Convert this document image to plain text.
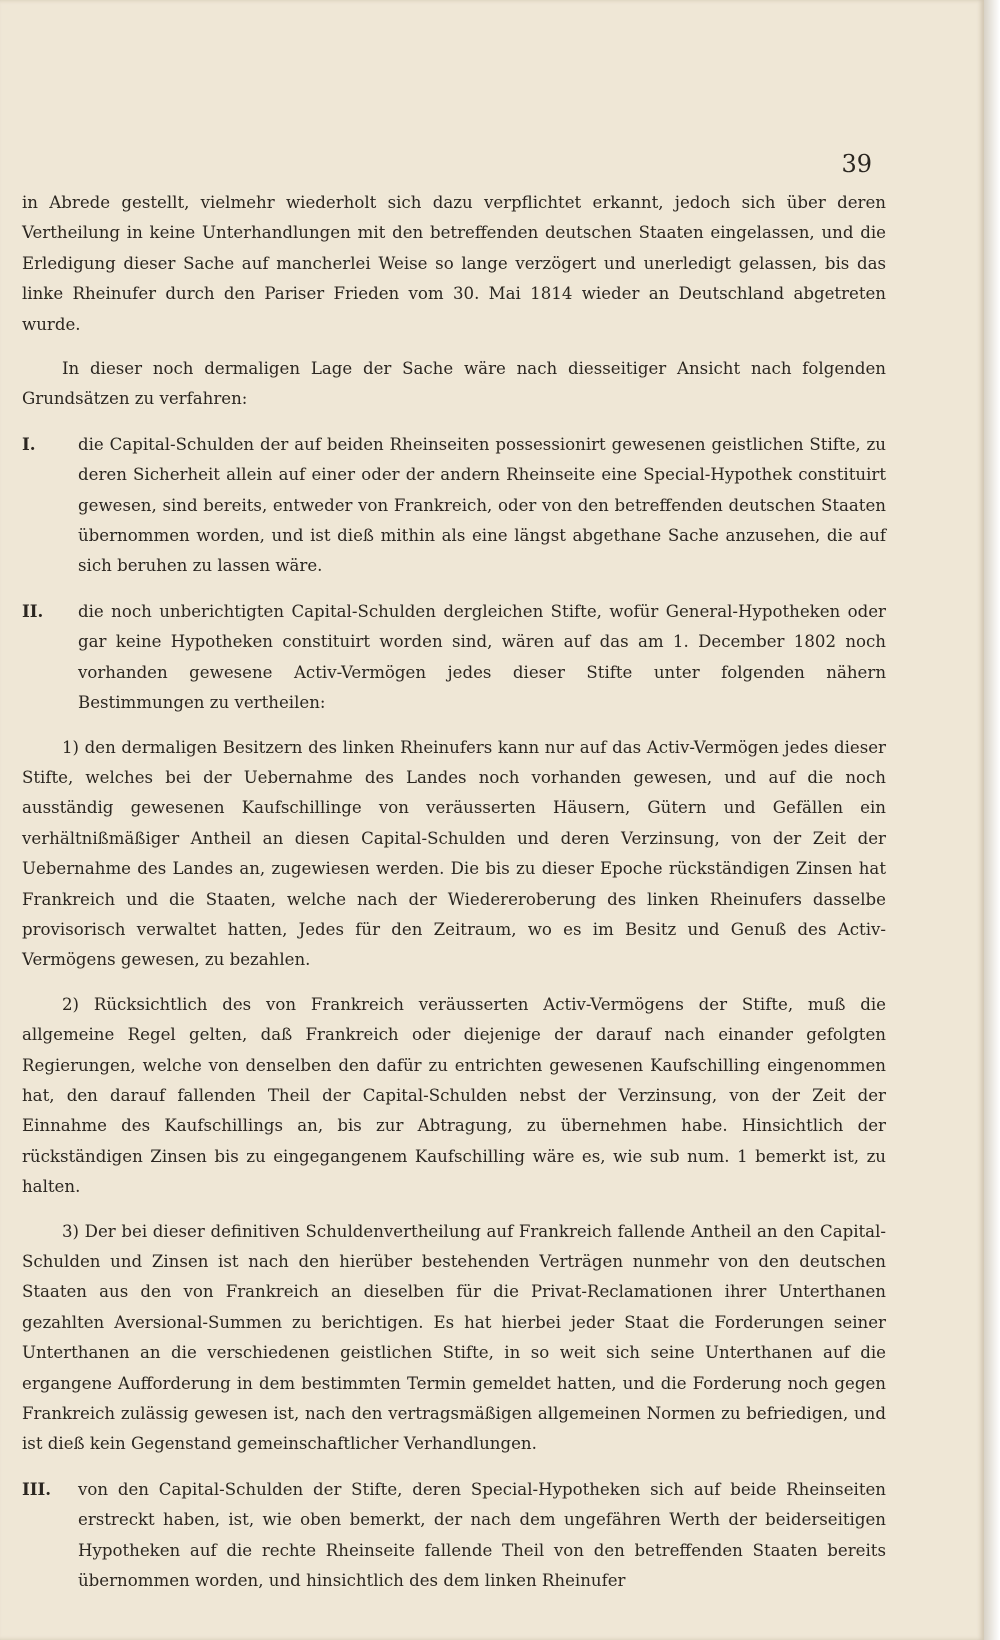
39

in Abrede gestellt, vielmehr wiederholt sich dazu verpflichtet erkannt, jedoch sich über deren Vertheilung in keine Unterhandlungen mit den betreffenden deutschen Staaten eingelassen, und die Erledigung dieser Sache auf mancherlei Weise so lange verzögert und unerledigt gelassen, bis das linke Rheinufer durch den Pariser Frieden vom 30. Mai 1814 wieder an Deutschland abgetreten wurde.

In dieser noch dermaligen Lage der Sache wäre nach diesseitiger Ansicht nach folgenden Grundsätzen zu verfahren:

I.	die Capital-Schulden der auf beiden Rheinseiten possessionirt gewesenen geistlichen Stifte, zu deren Sicherheit allein auf einer oder der andern Rheinseite eine Special-Hypothek constituirt gewesen, sind bereits, entweder von Frankreich, oder von den betreffenden deutschen Staaten übernommen worden, und ist dieß mithin als eine längst abgethane Sache anzusehen, die auf sich beruhen zu lassen wäre.

II. die noch unberichtigten Capital-Schulden dergleichen Stifte, wofür General-Hypotheken oder gar keine Hypotheken constituirt worden sind, wären auf das am 1. December 1802 noch vorhanden gewesene Activ-Vermögen jedes dieser Stifte unter folgenden nähern Bestimmungen zu vertheilen:

1) den dermaligen Besitzern des linken Rheinufers kann nur auf das Activ-Vermögen jedes dieser Stifte, welches bei der Uebernahme des Landes noch vorhanden gewesen, und auf die noch ausständig gewesenen Kaufschillinge von veräusserten Häusern, Gütern und Gefällen ein verhältnißmäßiger Antheil an diesen Capital-Schulden und deren Verzinsung, von der Zeit der Uebernahme des Landes an, zugewiesen werden. Die bis zu dieser Epoche rückständigen Zinsen hat Frankreich und die Staaten, welche nach der Wiedereroberung des linken Rheinufers dasselbe provisorisch verwaltet hatten, Jedes für den Zeitraum, wo es im Besitz und Genuß des Activ-Vermögens gewesen, zu bezahlen.

2) Rücksichtlich des von Frankreich veräusserten Activ-Vermögens der Stifte, muß die allgemeine Regel gelten, daß Frankreich oder diejenige der darauf nach einander gefolgten Regierungen, welche von denselben den dafür zu entrichten gewesenen Kaufschilling eingenommen hat, den darauf fallenden Theil der Capital-Schulden nebst der Verzinsung, von der Zeit der Einnahme des Kaufschillings an, bis zur Abtragung, zu übernehmen habe. Hinsichtlich der rückständigen Zinsen bis zu eingegangenem Kaufschilling wäre es, wie sub num. 1 bemerkt ist, zu halten.

3) Der bei dieser definitiven Schuldenvertheilung auf Frankreich fallende Antheil an den Capital-Schulden und Zinsen ist nach den hierüber bestehenden Verträgen nunmehr von den deutschen Staaten aus den von Frankreich an dieselben für die Privat-Reclamationen ihrer Unterthanen gezahlten Aversional-Summen zu berichtigen. Es hat hierbei jeder Staat die Forderungen seiner Unterthanen an die verschiedenen geistlichen Stifte, in so weit sich seine Unterthanen auf die ergangene Aufforderung in dem bestimmten Termin gemeldet hatten, und die Forderung noch gegen Frankreich zulässig gewesen ist, nach den vertragsmäßigen allgemeinen Normen zu befriedigen, und ist dieß kein Gegenstand gemeinschaftlicher Verhandlungen.

III. von den Capital-Schulden der Stifte, deren Special-Hypotheken sich auf beide Rheinseiten erstreckt haben, ist, wie oben bemerkt, der nach dem ungefähren Werth der beiderseitigen Hypotheken auf die rechte Rheinseite fallende Theil von den betreffenden Staaten bereits übernommen worden, und hinsichtlich des dem linken Rheinufer
